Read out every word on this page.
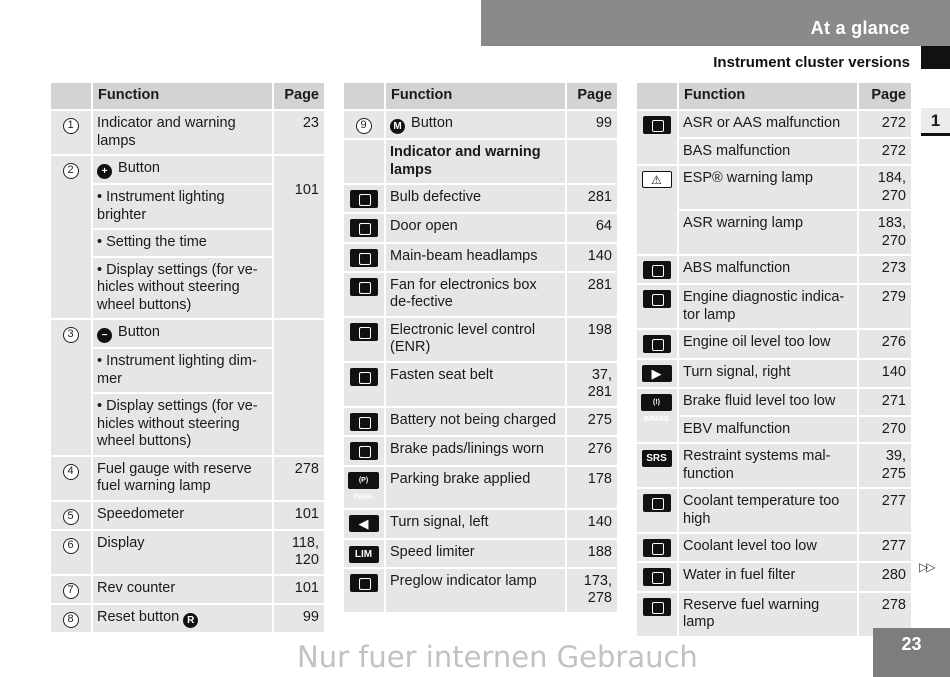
At a glance
Instrument cluster versions
1
	Function	Page
1	Indicator and warning lamps	23
2	+ Button	101

	• Instrument lighting brighter	
	• Setting the time	
	• Display settings (for ve-hicles without steering wheel buttons)	
3	− Button	
	• Instrument lighting dim-mer	
	• Display settings (for ve-hicles without steering wheel buttons)	
4	Fuel gauge with reserve fuel warning lamp	278
5	Speedometer	101
6	Display	118, 120
7	Rev counter	101
8	Reset button R	99
	Function	Page
9	M Button	99
	Indicator and warning lamps	
	Bulb defective	281
	Door open	64
	Main-beam headlamps	140
	Fan for electronics box de-fective	281
	Electronic level control (ENR)	198
	Fasten seat belt	37, 281
	Battery not being charged	275
	Brake pads/linings worn	276
(P) PARK	Parking brake applied	178
◀	Turn signal, left	140
LIM	Speed limiter	188
	Preglow indicator lamp	173, 278
	Function	Page
	ASR or AAS malfunction	272
	BAS malfunction	272
⚠	ESP® warning lamp	184, 270
	ASR warning lamp	183, 270
	ABS malfunction	273
	Engine diagnostic indica-tor lamp	279
	Engine oil level too low	276
▶	Turn signal, right	140
(!) BRAKE	Brake fluid level too low	271
	EBV malfunction	270
SRS	Restraint systems mal-function	39, 275
	Coolant temperature too high	277
	Coolant level too low	277
	Water in fuel filter	280
	Reserve fuel warning lamp	278
▷▷
23
Nur fuer internen Gebrauch
